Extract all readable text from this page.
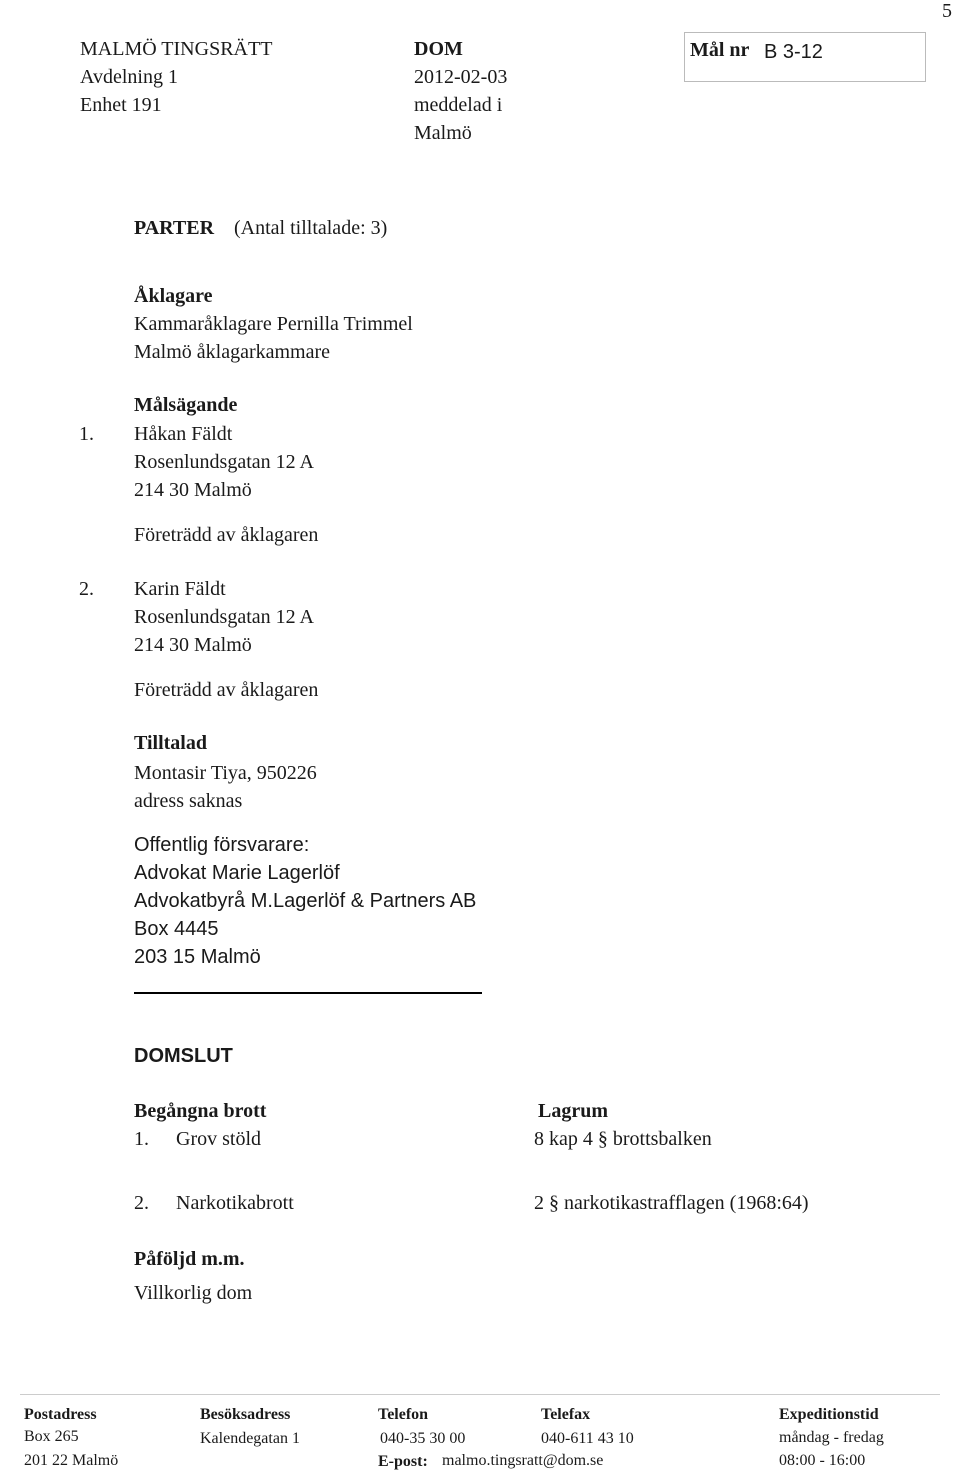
5
MALMÖ TINGSRÄTT
Avdelning 1
Enhet 191
DOM
2012-02-03
meddelad i
Malmö
Mål nr B 3-12
PARTER (Antal tilltalade: 3)
Åklagare
Kammaråklagare Pernilla Trimmel
Malmö åklagarkammare
Målsägande
1. Håkan Fäldt
Rosenlundsgatan 12 A
214 30 Malmö
Företrädd av åklagaren
2. Karin Fäldt
Rosenlundsgatan 12 A
214 30 Malmö
Företrädd av åklagaren
Tilltalad
Montasir Tiya, 950226
adress saknas
Offentlig försvarare:
Advokat Marie Lagerlöf
Advokatbyrå M.Lagerlöf & Partners AB
Box 4445
203 15 Malmö
DOMSLUT
Begångna brott	Lagrum
1. Grov stöld	8 kap 4 § brottsbalken
2. Narkotikabrott	2 § narkotikastrafflagen (1968:64)
Påföljd m.m.
Villkorlig dom
Postadress
Box 265
201 22 Malmö
Besöksadress
Kalendegatan 1
Telefon
040-35 30 00
E-post: malmo.tingsratt@dom.se
Telefax
040-611 43 10
Expeditionstid
måndag - fredag
08:00 - 16:00
